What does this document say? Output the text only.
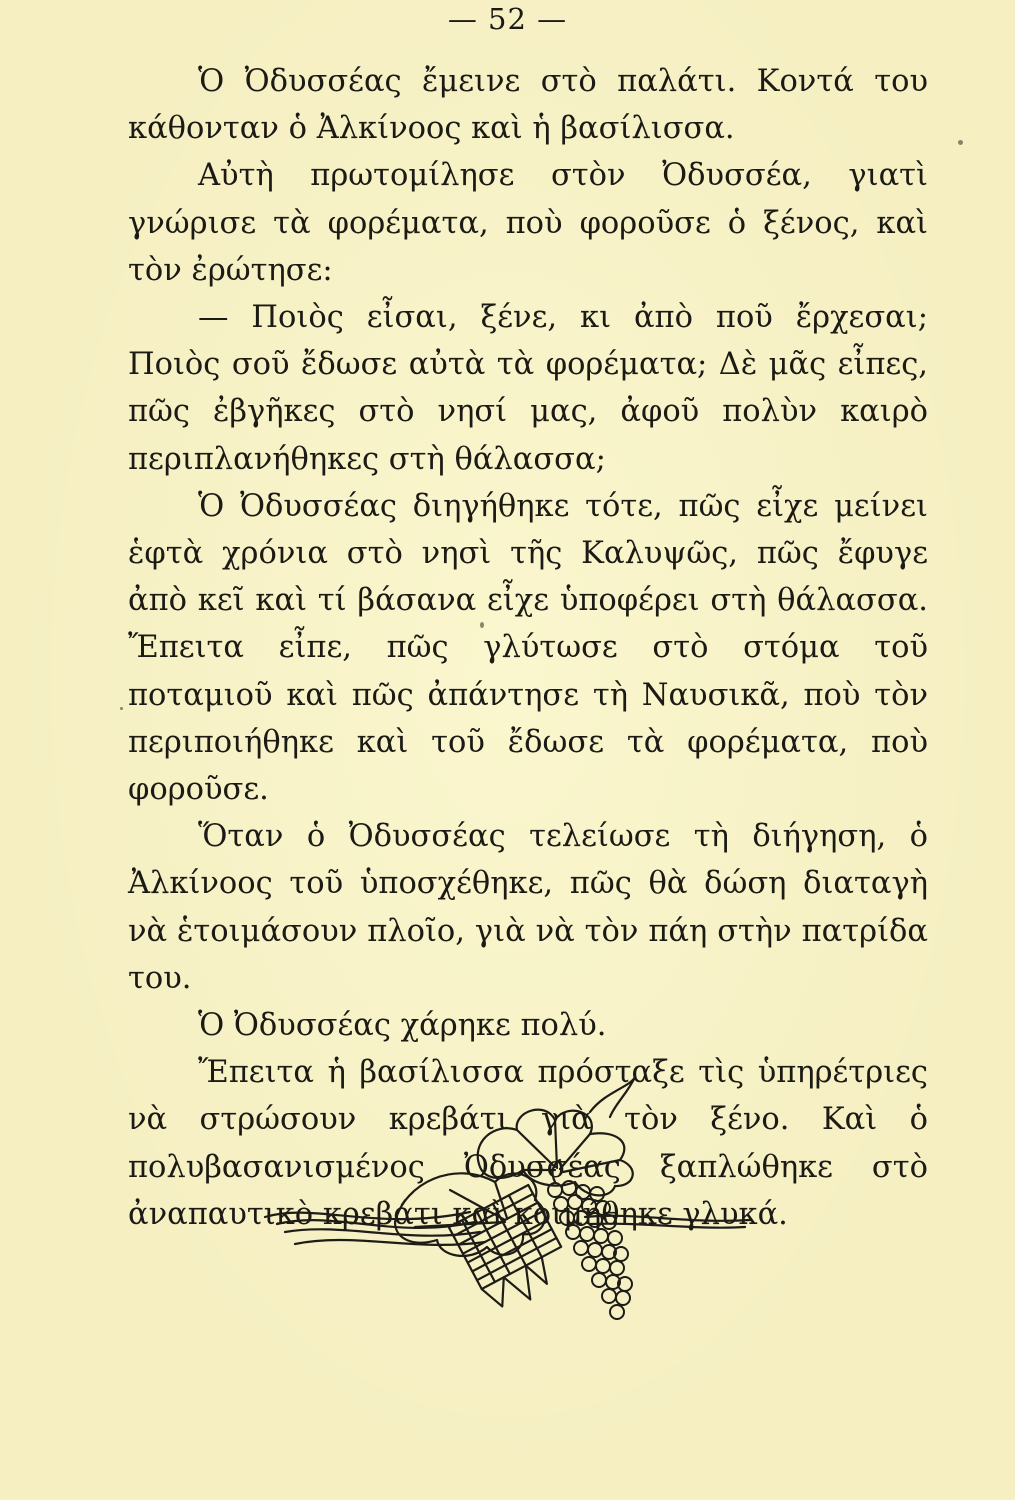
— 52 —

Ὁ Ὀδυσσέας ἔμεινε στὸ παλάτι. Κοντά του κάθονταν ὁ Ἀλκίνοος καὶ ἡ βασίλισσα.

Αὐτὴ πρωτομίλησε στὸν Ὀδυσσέα, γιατὶ γνώρισε τὰ φορέματα, ποὺ φοροῦσε ὁ ξένος, καὶ τὸν ἐρώτησε:

— Ποιὸς εἶσαι, ξένε, κι ἀπὸ ποῦ ἔρχεσαι; Ποιὸς σοῦ ἔδωσε αὐτὰ τὰ φορέματα; Δὲ μᾶς εἶπες, πῶς ἐβγῆκες στὸ νησί μας, ἀφοῦ πολὺν καιρὸ περιπλανήθηκες στὴ θάλασσα;

Ὁ Ὀδυσσέας διηγήθηκε τότε, πῶς εἶχε μείνει ἑφτὰ χρόνια στὸ νησὶ τῆς Καλυψῶς, πῶς ἔφυγε ἀπὸ κεῖ καὶ τί βάσανα εἶχε ὑποφέρει στὴ θάλασσα. Ἔπειτα εἶπε, πῶς γλύτωσε στὸ στόμα τοῦ ποταμιοῦ καὶ πῶς ἀπάντησε τὴ Ναυσικᾶ, ποὺ τὸν περιποιήθηκε καὶ τοῦ ἔδωσε τὰ φορέματα, ποὺ φοροῦσε.

Ὅταν ὁ Ὀδυσσέας τελείωσε τὴ διήγηση, ὁ Ἀλκίνοος τοῦ ὑποσχέθηκε, πῶς θὰ δώση διαταγὴ νὰ ἑτοιμάσουν πλοῖο, γιὰ νὰ τὸν πάη στὴν πατρίδα του.

Ὁ Ὀδυσσέας χάρηκε πολύ.

Ἔπειτα ἡ βασίλισσα πρόσταξε τὶς ὑπηρέτριες νὰ στρώσουν κρεβάτι γιὰ τὸν ξένο. Καὶ ὁ πολυβασανισμένος Ὀδυσσέας ξαπλώθηκε στὸ ἀναπαυτικὸ κρεβάτι καὶ κοιμήθηκε γλυκά.
